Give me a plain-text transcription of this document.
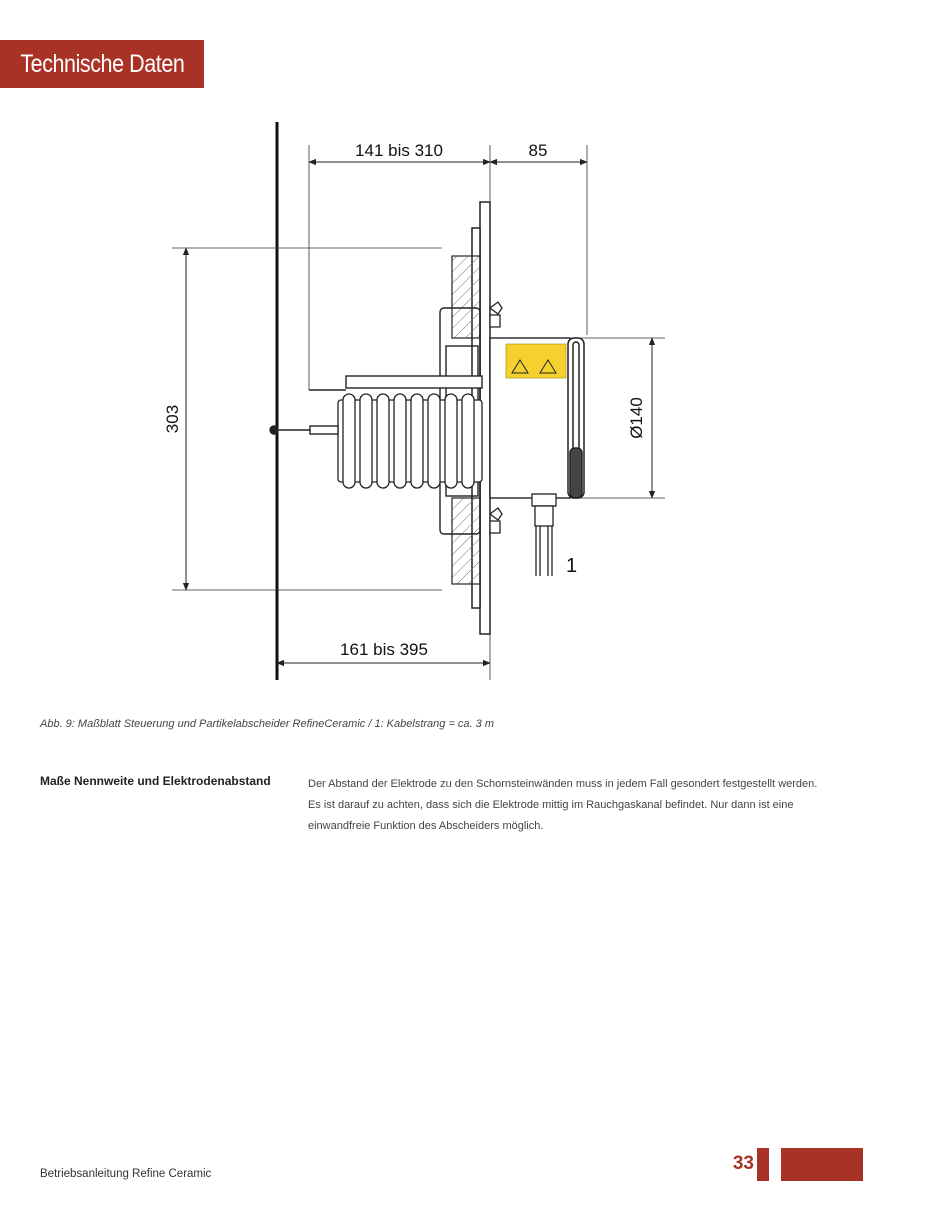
Technische Daten
141 bis 310	85
303	Ø140
161 bis 395
1
Abb. 9: Maßblatt Steuerung und Partikelabscheider RefineCeramic / 1: Kabelstrang = ca. 3 m
Maße Nennweite und Elektrodenabstand	Der Abstand der Elektrode zu den Schornsteinwänden muss in jedem Fall gesondert festgestellt werden. Es ist darauf zu achten, dass sich die Elektrode mittig im Rauchgaskanal befindet. Nur dann ist eine einwandfreie Funktion des Abscheiders möglich.
Betriebsanleitung Refine Ceramic	33
